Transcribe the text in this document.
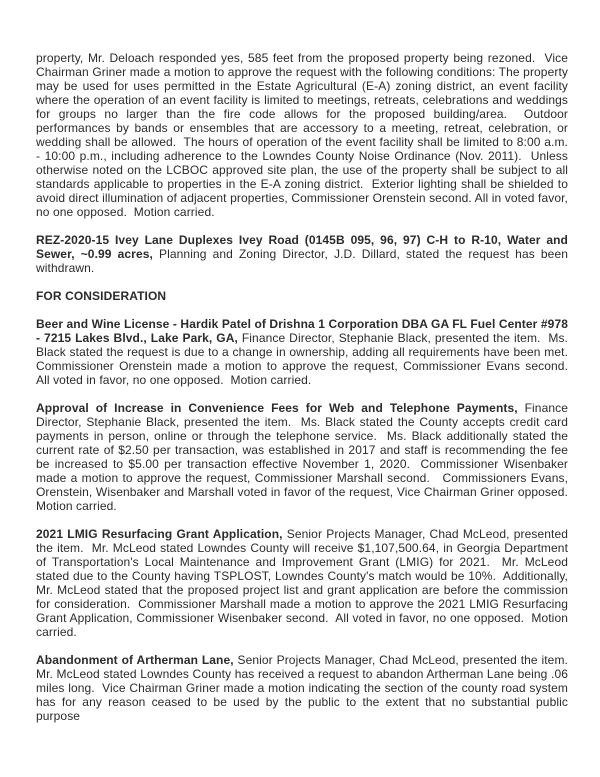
property, Mr. Deloach responded yes, 585 feet from the proposed property being rezoned.  Vice Chairman Griner made a motion to approve the request with the following conditions: The property may be used for uses permitted in the Estate Agricultural (E-A) zoning district, an event facility where the operation of an event facility is limited to meetings, retreats, celebrations and weddings for groups no larger than the fire code allows for the proposed building/area.  Outdoor performances by bands or ensembles that are accessory to a meeting, retreat, celebration, or wedding shall be allowed.  The hours of operation of the event facility shall be limited to 8:00 a.m. - 10:00 p.m., including adherence to the Lowndes County Noise Ordinance (Nov. 2011).  Unless otherwise noted on the LCBOC approved site plan, the use of the property shall be subject to all standards applicable to properties in the E-A zoning district.  Exterior lighting shall be shielded to avoid direct illumination of adjacent properties, Commissioner Orenstein second. All in voted favor, no one opposed.  Motion carried.

REZ-2020-15 Ivey Lane Duplexes Ivey Road (0145B 095, 96, 97) C-H to R-10, Water and Sewer, ~0.99 acres, Planning and Zoning Director, J.D. Dillard, stated the request has been withdrawn.

FOR CONSIDERATION

Beer and Wine License - Hardik Patel of Drishna 1 Corporation DBA GA FL Fuel Center #978 - 7215 Lakes Blvd., Lake Park, GA, Finance Director, Stephanie Black, presented the item.  Ms. Black stated the request is due to a change in ownership, adding all requirements have been met.  Commissioner Orenstein made a motion to approve the request, Commissioner Evans second.  All voted in favor, no one opposed.  Motion carried.

Approval of Increase in Convenience Fees for Web and Telephone Payments, Finance Director, Stephanie Black, presented the item.  Ms. Black stated the County accepts credit card payments in person, online or through the telephone service.  Ms. Black additionally stated the current rate of $2.50 per transaction, was established in 2017 and staff is recommending the fee be increased to $5.00 per transaction effective November 1, 2020.  Commissioner Wisenbaker made a motion to approve the request, Commissioner Marshall second.   Commissioners Evans, Orenstein, Wisenbaker and Marshall voted in favor of the request, Vice Chairman Griner opposed.  Motion carried.

2021 LMIG Resurfacing Grant Application, Senior Projects Manager, Chad McLeod, presented the item.  Mr. McLeod stated Lowndes County will receive $1,107,500.64, in Georgia Department of Transportation's Local Maintenance and Improvement Grant (LMIG) for 2021.  Mr. McLeod stated due to the County having TSPLOST, Lowndes County's match would be 10%.  Additionally, Mr. McLeod stated that the proposed project list and grant application are before the commission for consideration.  Commissioner Marshall made a motion to approve the 2021 LMIG Resurfacing Grant Application, Commissioner Wisenbaker second.  All voted in favor, no one opposed.  Motion carried.

Abandonment of Artherman Lane, Senior Projects Manager, Chad McLeod, presented the item. Mr. McLeod stated Lowndes County has received a request to abandon Artherman Lane being .06 miles long.  Vice Chairman Griner made a motion indicating the section of the county road system has for any reason ceased to be used by the public to the extent that no substantial public purpose
